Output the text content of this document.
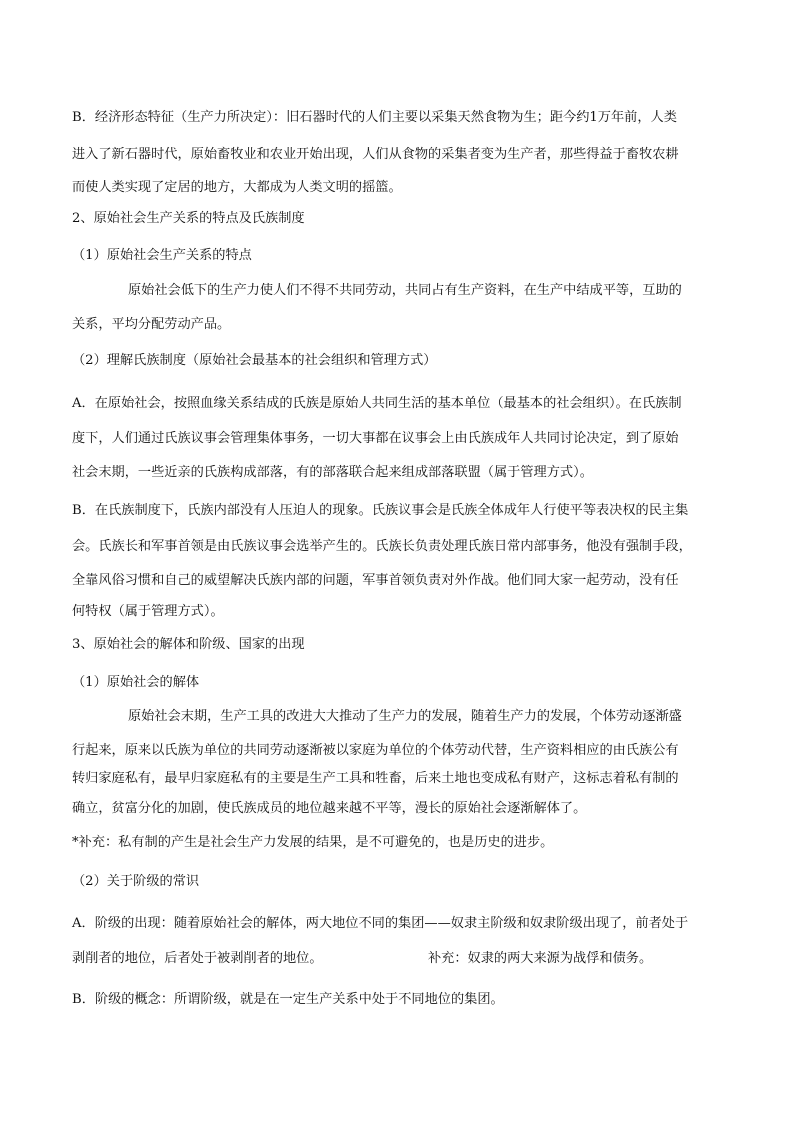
B．经济形态特征（生产力所决定）：旧石器时代的人们主要以采集天然食物为生；距今约1万年前，人类
进入了新石器时代，原始畜牧业和农业开始出现，人们从食物的采集者变为生产者，那些得益于畜牧农耕
而使人类实现了定居的地方，大都成为人类文明的摇篮。
2、原始社会生产关系的特点及氏族制度
（1）原始社会生产关系的特点
原始社会低下的生产力使人们不得不共同劳动，共同占有生产资料，在生产中结成平等，互助的
关系，平均分配劳动产品。
（2）理解氏族制度（原始社会最基本的社会组织和管理方式）
A．在原始社会，按照血缘关系结成的氏族是原始人共同生活的基本单位（最基本的社会组织）。在氏族制
度下，人们通过氏族议事会管理集体事务，一切大事都在议事会上由氏族成年人共同讨论决定，到了原始
社会末期，一些近亲的氏族构成部落，有的部落联合起来组成部落联盟（属于管理方式）。
B．在氏族制度下，氏族内部没有人压迫人的现象。氏族议事会是氏族全体成年人行使平等表决权的民主集
会。氏族长和军事首领是由氏族议事会选举产生的。氏族长负责处理氏族日常内部事务，他没有强制手段，
全靠风俗习惯和自己的威望解决氏族内部的问题，军事首领负责对外作战。他们同大家一起劳动，没有任
何特权（属于管理方式）。
3、原始社会的解体和阶级、国家的出现
（1）原始社会的解体
原始社会末期，生产工具的改进大大推动了生产力的发展，随着生产力的发展，个体劳动逐渐盛
行起来，原来以氏族为单位的共同劳动逐渐被以家庭为单位的个体劳动代替，生产资料相应的由氏族公有
转归家庭私有，最早归家庭私有的主要是生产工具和牲畜，后来土地也变成私有财产，这标志着私有制的
确立，贫富分化的加剧，使氏族成员的地位越来越不平等，漫长的原始社会逐渐解体了。
*补充：私有制的产生是社会生产力发展的结果，是不可避免的，也是历史的进步。
（2）关于阶级的常识
A．阶级的出现：随着原始社会的解体，两大地位不同的集团——奴隶主阶级和奴隶阶级出现了，前者处于
剥削者的地位，后者处于被剥削者的地位。	补充：奴隶的两大来源为战俘和债务。
B．阶级的概念：所谓阶级，就是在一定生产关系中处于不同地位的集团。
